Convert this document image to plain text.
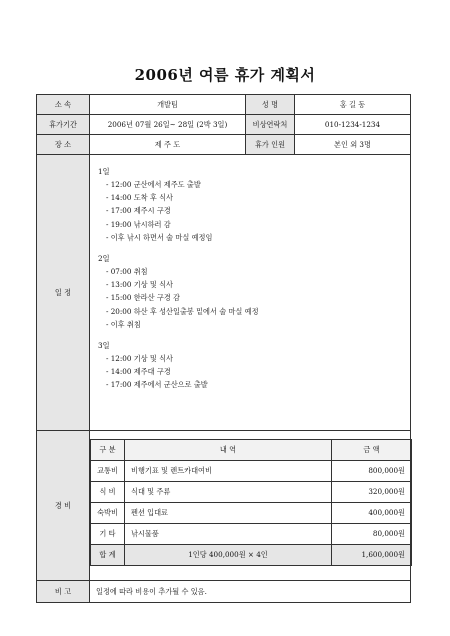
2006년 여름 휴가 계획서
소 속	개발팀	성 명	홍 길 동
휴가기간	2006년 07월 26일~ 28일 (2박 3일)	비상연락처	010-1234-1234
장 소	제 주 도	휴가 인원	본인 외 3명
일 정	
1일
- 12:00 군산에서 제주도 출발
- 14:00 도착 후 식사
- 17:00 제주시 구경
- 19:00 낚시하러 감
- 이후 낚시 하면서 술 마실 예정임
2일
- 07:00 취침
- 13:00 기상 및 식사
- 15:00 한라산 구경 감
- 20:00 하산 후 성산일출봉 밑에서 술 마실 예정
- 이후 취침
3일
- 12:00 기상 및 식사
- 14:00 제주대 구경
- 17:00 제주에서 군산으로 출발

경 비	
구 분	내 역	금 액
교통비	비행기표 및 렌트카대여비	800,000원
식 비	식대 및 주류	320,000원
숙박비	펜션 입대료	400,000원
기 타	낚시물품	80,000원
합 계	1인당 400,000원 × 4인	1,600,000원

비 고	일정에 따라 비용이 추가될 수 있음.
